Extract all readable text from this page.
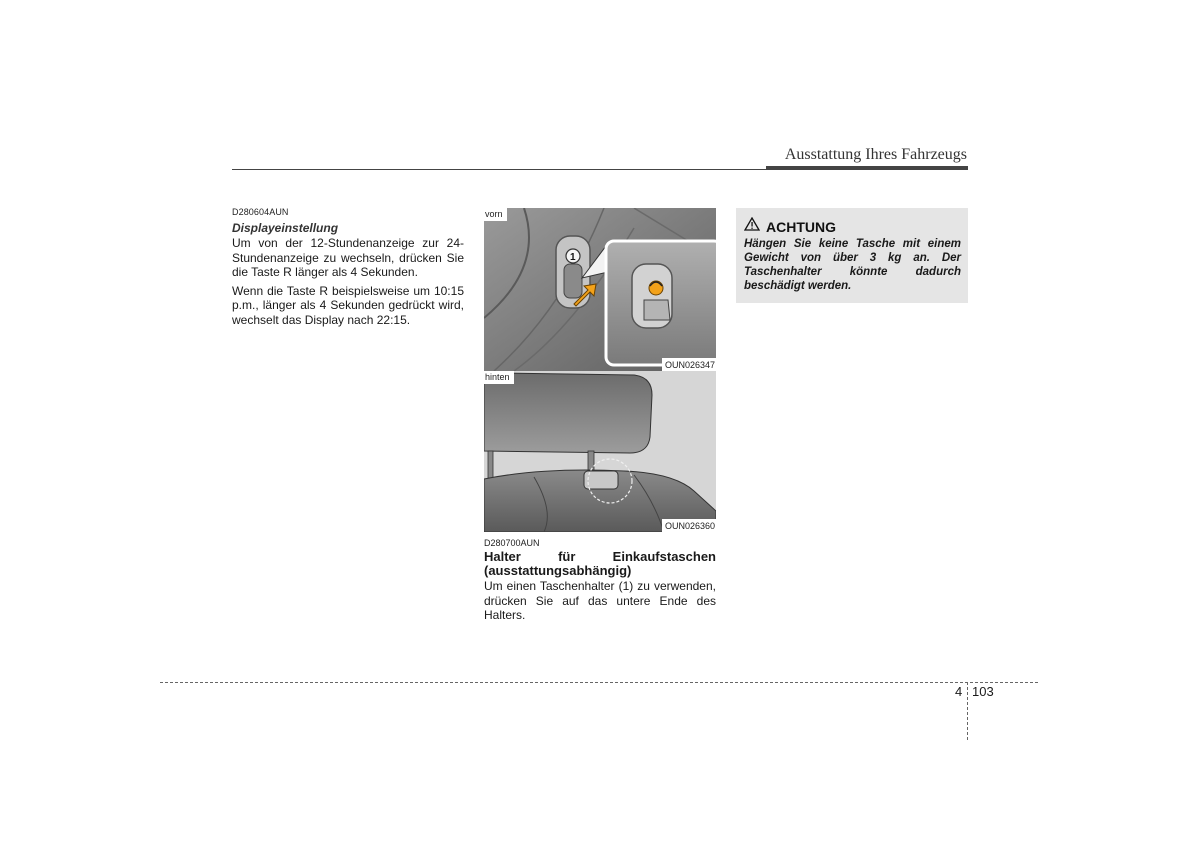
Ausstattung Ihres Fahrzeugs
D280604AUN
Displayeinstellung

Um von der 12-Stundenanzeige zur 24-Stundenanzeige zu wechseln, drücken Sie die Taste R länger als 4 Sekunden.

Wenn die Taste R beispielsweise um 10:15 p.m., länger als 4 Sekunden gedrückt wird, wechselt das Display nach 22:15.

1
vorn
OUN026347
hinten
OUN026360
D280700AUN
Halter für Einkaufstaschen
(ausstattungsabhängig)
Um einen Taschenhalter (1) zu verwenden, drücken Sie auf das untere Ende des Halters.
ACHTUNG
Hängen Sie keine Tasche mit einem Gewicht von über 3 kg an. Der Taschenhalter könnte dadurch beschädigt werden.
4 103
